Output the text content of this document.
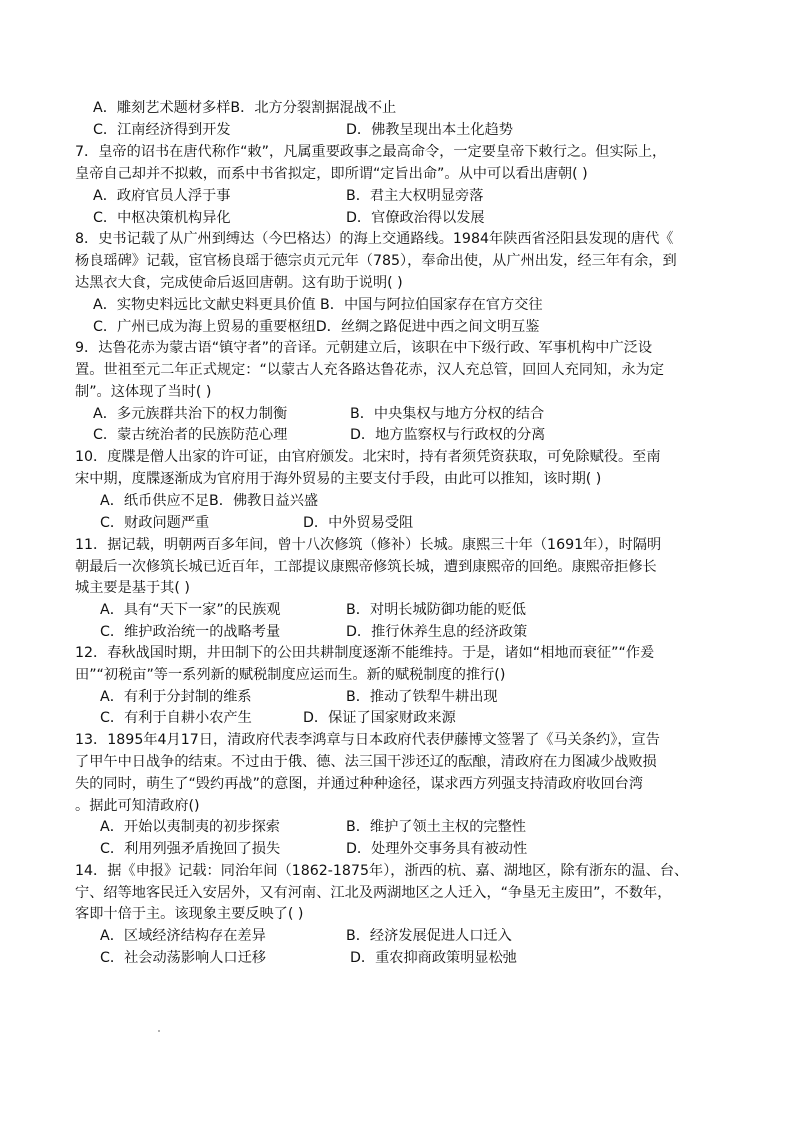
A．雕刻艺术题材多样B．北方分裂割据混战不止
C．江南经济得到开发	D．佛教呈现出本土化趋势
7．皇帝的诏书在唐代称作“敕”，凡属重要政事之最高命令，一定要皇帝下敕行之。但实际上，
皇帝自己却并不拟敕，而系中书省拟定，即所谓“定旨出命”。从中可以看出唐朝( )
A．政府官员人浮于事	B．君主大权明显旁落
C．中枢决策机构异化	D．官僚政治得以发展
8．史书记载了从广州到缚达（今巴格达）的海上交通路线。1984年陕西省泾阳县发现的唐代《
杨良瑶碑》记载，宦官杨良瑶于德宗贞元元年（785），奉命出使，从广州出发，经三年有余，到
达黑衣大食，完成使命后返回唐朝。这有助于说明( )
A．实物史料远比文献史料更具价值 B．中国与阿拉伯国家存在官方交往
C．广州已成为海上贸易的重要枢纽D．丝绸之路促进中西之间文明互鉴
9．达鲁花赤为蒙古语“镇守者”的音译。元朝建立后，该职在中下级行政、军事机构中广泛设
置。世祖至元二年正式规定：“以蒙古人充各路达鲁花赤，汉人充总管，回回人充同知，永为定
制”。这体现了当时( )
A．多元族群共治下的权力制衡	B．中央集权与地方分权的结合
C．蒙古统治者的民族防范心理	D．地方监察权与行政权的分离
10．度牒是僧人出家的许可证，由官府颁发。北宋时，持有者须凭资获取，可免除赋役。至南
宋中期，度牒逐渐成为官府用于海外贸易的主要支付手段，由此可以推知，该时期( )
A．纸币供应不足B．佛教日益兴盛
C．财政问题严重	D．中外贸易受阻
11．据记载，明朝两百多年间，曾十八次修筑（修补）长城。康熙三十年（1691年），时隔明
朝最后一次修筑长城已近百年，工部提议康熙帝修筑长城，遭到康熙帝的回绝。康熙帝拒修长
城主要是基于其( )
A．具有“天下一家”的民族观	B．对明长城防御功能的贬低
C．维护政治统一的战略考量	D．推行休养生息的经济政策
12．春秋战国时期，井田制下的公田共耕制度逐渐不能维持。于是，诸如“相地而衰征”“作爰
田”“初税亩”等一系列新的赋税制度应运而生。新的赋税制度的推行()
A．有利于分封制的维系	B．推动了铁犁牛耕出现
C．有利于自耕小农产生	D．保证了国家财政来源
13．1895年4月17日，清政府代表李鸿章与日本政府代表伊藤博文签署了《马关条约》，宣告
了甲午中日战争的结束。不过由于俄、德、法三国干涉还辽的酝酿，清政府在力图减少战败损
失的同时，萌生了“毁约再战”的意图，并通过种种途径，谋求西方列强支持清政府收回台湾
。据此可知清政府()
A．开始以夷制夷的初步探索	B．维护了领土主权的完整性
C．利用列强矛盾挽回了损失	D．处理外交事务具有被动性
14．据《申报》记载：同治年间（1862-1875年），浙西的杭、嘉、湖地区，除有浙东的温、台、
宁、绍等地客民迁入安居外，又有河南、江北及两湖地区之人迁入，“争垦无主废田”，不数年，
客即十倍于主。该现象主要反映了( )
A．区域经济结构存在差异	B．经济发展促进人口迁入
C．社会动荡影响人口迁移	D．重农抑商政策明显松弛
